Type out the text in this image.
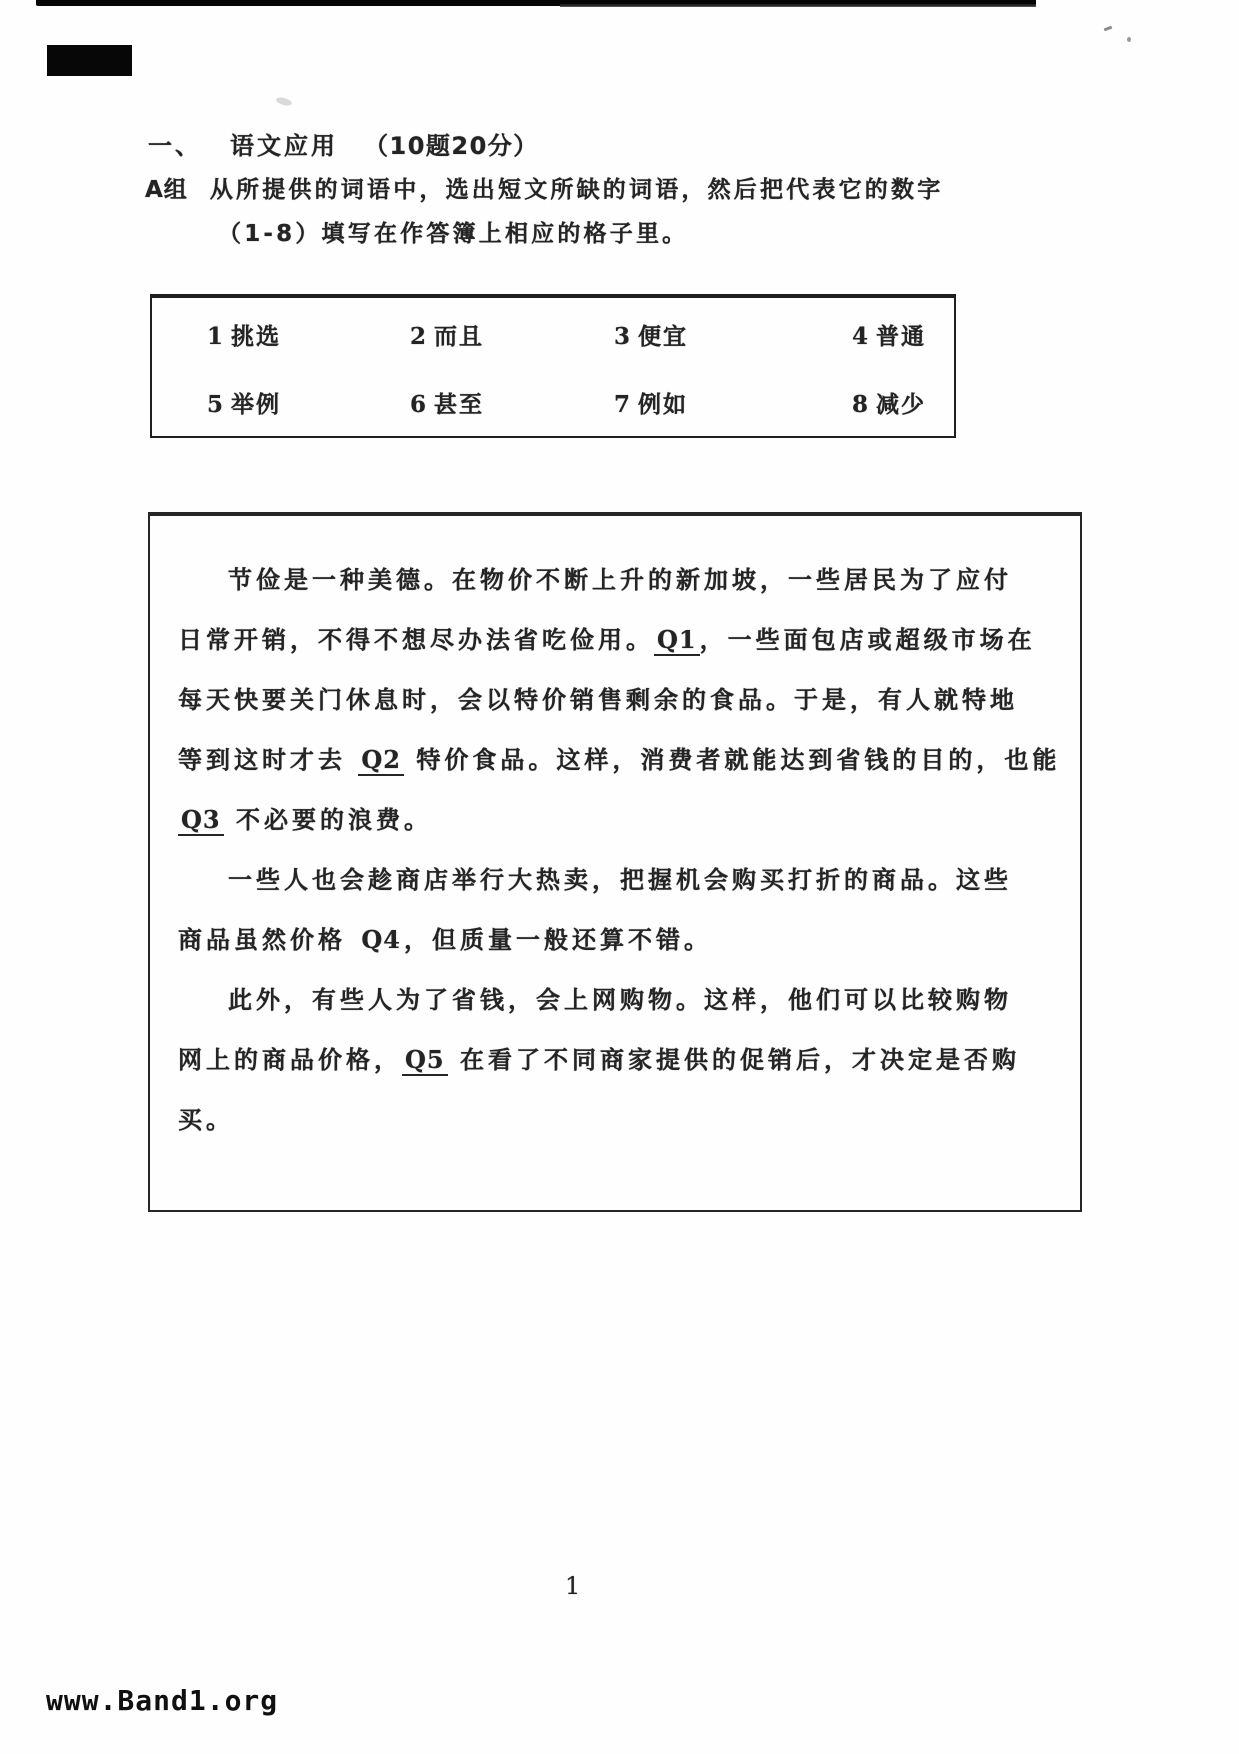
一、 语文应用 （10题20分）
A组 从所提供的词语中，选出短文所缺的词语，然后把代表它的数字
（1-8）填写在作答簿上相应的格子里。
1 挑选	2 而且	3 便宜	4 普通
5 举例	6 甚至	7 例如	8 减少
节俭是一种美德。在物价不断上升的新加坡，一些居民为了应付
日常开销，不得不想尽办法省吃俭用。 Q1 ，一些面包店或超级市场在
每天快要关门休息时，会以特价销售剩余的食品。于是，有人就特地
等到这时才去 Q2 特价食品。这样，消费者就能达到省钱的目的，也能
Q3 不必要的浪费。
一些人也会趁商店举行大热卖，把握机会购买打折的商品。这些
商品虽然价格 Q4 ，但质量一般还算不错。
此外，有些人为了省钱，会上网购物。这样，他们可以比较购物
网上的商品价格， Q5 在看了不同商家提供的促销后，才决定是否购
买。
1
www.Band1.org
